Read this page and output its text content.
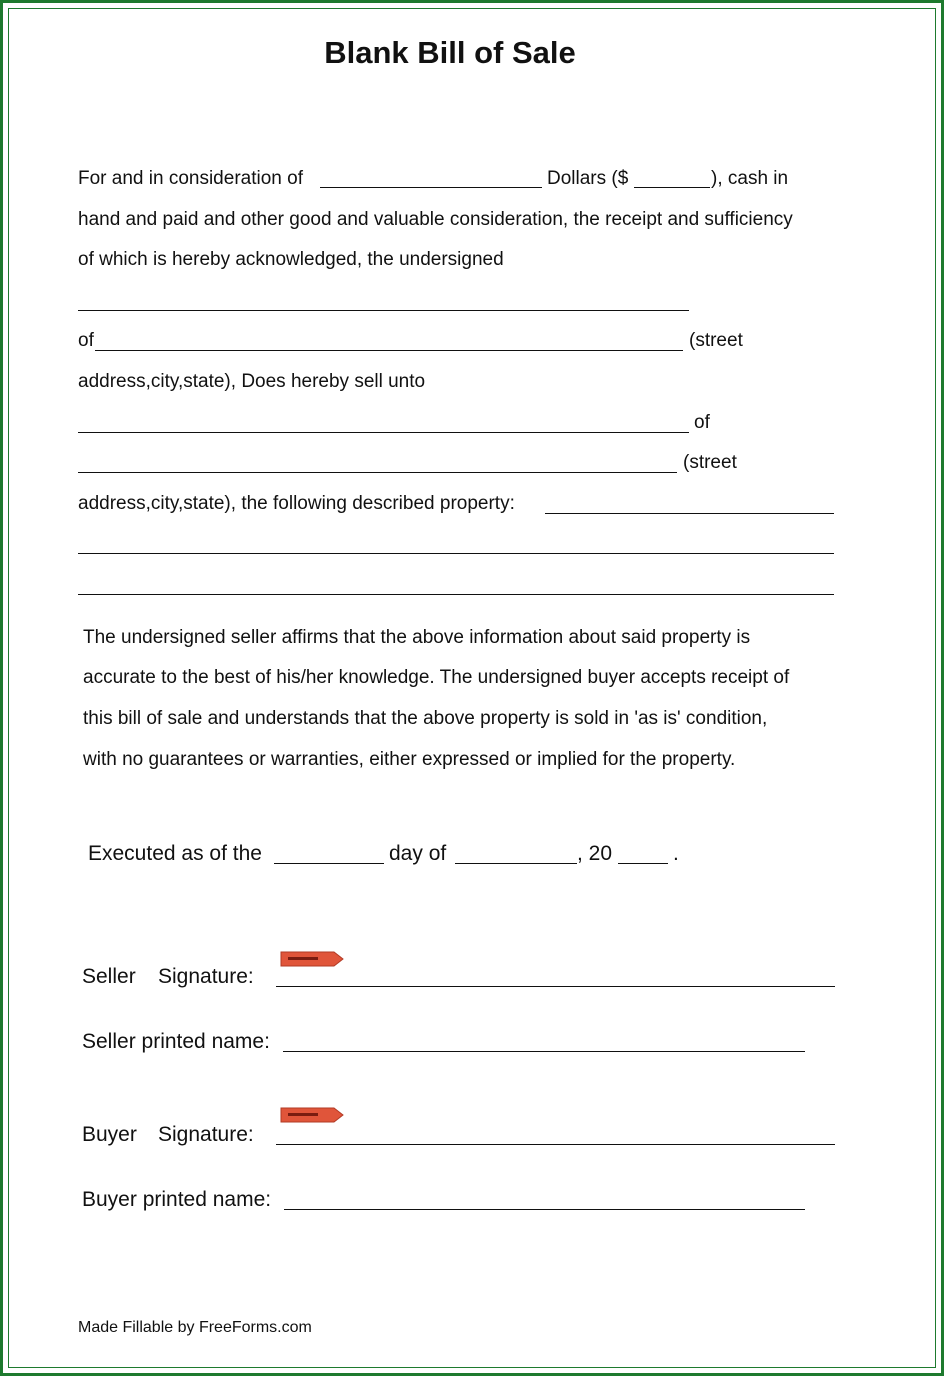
Blank Bill of Sale
For and in consideration of	Dollars ($	), cash in
hand and paid and other good and valuable consideration, the receipt and sufficiency
of which is hereby acknowledged, the undersigned
of	(street
address,city,state), Does hereby sell unto
of
(street
address,city,state), the following described property:
The undersigned seller affirms that the above information about said property is
accurate to the best of his/her knowledge. The undersigned buyer accepts receipt of
this bill of sale and understands that the above property is sold in 'as is' condition,
with no guarantees or warranties, either expressed or implied for the property.
Executed as of the	day of	, 20	.
Seller Signature:
Seller printed name:
Buyer Signature:
Buyer printed name:
Made Fillable by FreeForms.com
